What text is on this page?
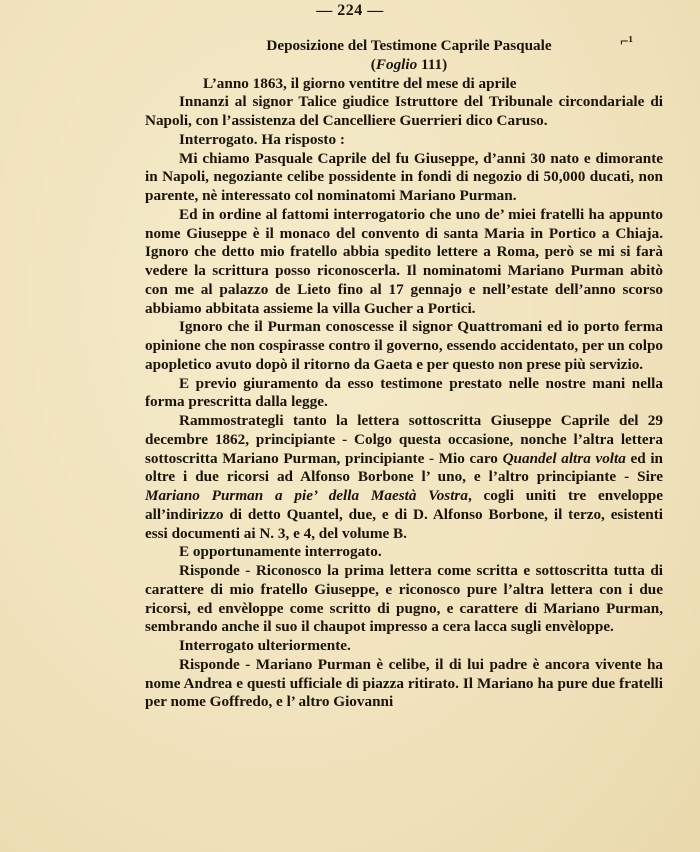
— 224 —
⌐¹

Deposizione del Testimone Caprile Pasquale

(Foglio 111)

L’anno 1863, il giorno ventitre del mese di aprile

Innanzi al signor Talice giudice Istruttore del Tribunale circondariale di Napoli, con l’assistenza del Cancelliere Guerrieri dico Caruso.

Interrogato. Ha risposto :

Mi chiamo Pasquale Caprile del fu Giuseppe, d’anni 30 nato e dimorante in Napoli, negoziante celibe possidente in fondi di negozio di 50,000 ducati, non parente, nè interessato col nominatomi Mariano Purman.

Ed in ordine al fattomi interrogatorio che uno de’ miei fratelli ha appunto nome Giuseppe è il monaco del convento di santa Maria in Portico a Chiaja. Ignoro che detto mio fratello abbia spedito lettere a Roma, però se mi si farà vedere la scrittura posso riconoscerla. Il nominatomi Mariano Purman abitò con me al palazzo de Lieto fino al 17 gennajo e nell’estate dell’anno scorso abbiamo abbitata assieme la villa Gucher a Portici.

Ignoro che il Purman conoscesse il signor Quattromani ed io porto ferma opinione che non cospirasse contro il governo, essendo accidentato, per un colpo apopletico avuto dopò il ritorno da Gaeta e per questo non prese più servizio.

E previo giuramento da esso testimone prestato nelle nostre mani nella forma prescritta dalla legge.

Rammostrategli tanto la lettera sottoscritta Giuseppe Caprile del 29 decembre 1862, principiante - Colgo questa occasione, nonche l’altra lettera sottoscritta Mariano Purman, principiante - Mio caro Quandel altra volta ed in oltre i due ricorsi ad Alfonso Borbone l’ uno, e l’altro principiante - Sire Mariano Purman a pie’ della Maestà Vostra, cogli uniti tre enveloppe all’indirizzo di detto Quantel, due, e di D. Alfonso Borbone, il terzo, esistenti essi documenti ai N. 3, e 4, del volume B.

E opportunamente interrogato.

Risponde - Riconosco la prima lettera come scritta e sottoscritta tutta di carattere di mio fratello Giuseppe, e riconosco pure l’altra lettera con i due ricorsi, ed envèloppe come scritto di pugno, e carattere di Mariano Purman, sembrando anche il suo il chaupot impresso a cera lacca sugli envèloppe.

Interrogato ulteriormente.

Risponde - Mariano Purman è celibe, il di lui padre è ancora vivente ha nome Andrea e questi ufficiale di piazza ritirato. Il Mariano ha pure due fratelli per nome Goffredo, e l’ altro Giovanni
